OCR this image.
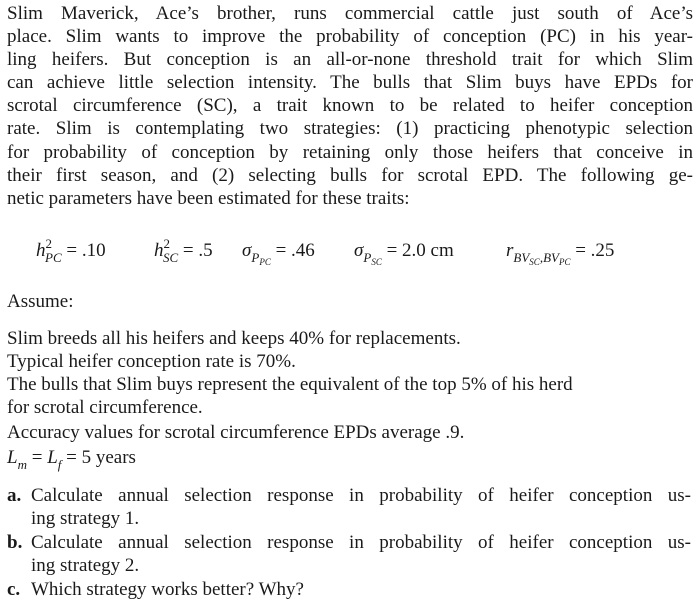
Slim Maverick, Ace’s brother, runs commercial cattle just south of Ace’s
place. Slim wants to improve the probability of conception (PC) in his year-
ling heifers. But conception is an all-or-none threshold trait for which Slim
can achieve little selection intensity. The bulls that Slim buys have EPDs for
scrotal circumference (SC), a trait known to be related to heifer conception
rate. Slim is contemplating two strategies: (1) practicing phenotypic selection
for probability of conception by retaining only those heifers that conceive in
their first season, and (2) selecting bulls for scrotal EPD. The following ge-
netic parameters have been estimated for these traits:

$h^2_{PC} = .10$	$h^2_{SC} = .5$ $\sigma_{P_{PC}} = .46$ $\sigma_{P_{SC}} = 2.0$ cm	$r_{BV_{SC},BV_{PC}} = .25$
Assume:
Slim breeds all his heifers and keeps 40% for replacements.
Typical heifer conception rate is 70%.
The bulls that Slim buys represent the equivalent of the top 5% of his herd
for scrotal circumference.
Accuracy values for scrotal circumference EPDs average .9.
$L_m = L_f = 5$ years
a. Calculate annual selection response in probability of heifer conception us-
ing strategy 1.
b. Calculate annual selection response in probability of heifer conception us-
ing strategy 2.
c. Which strategy works better? Why?
